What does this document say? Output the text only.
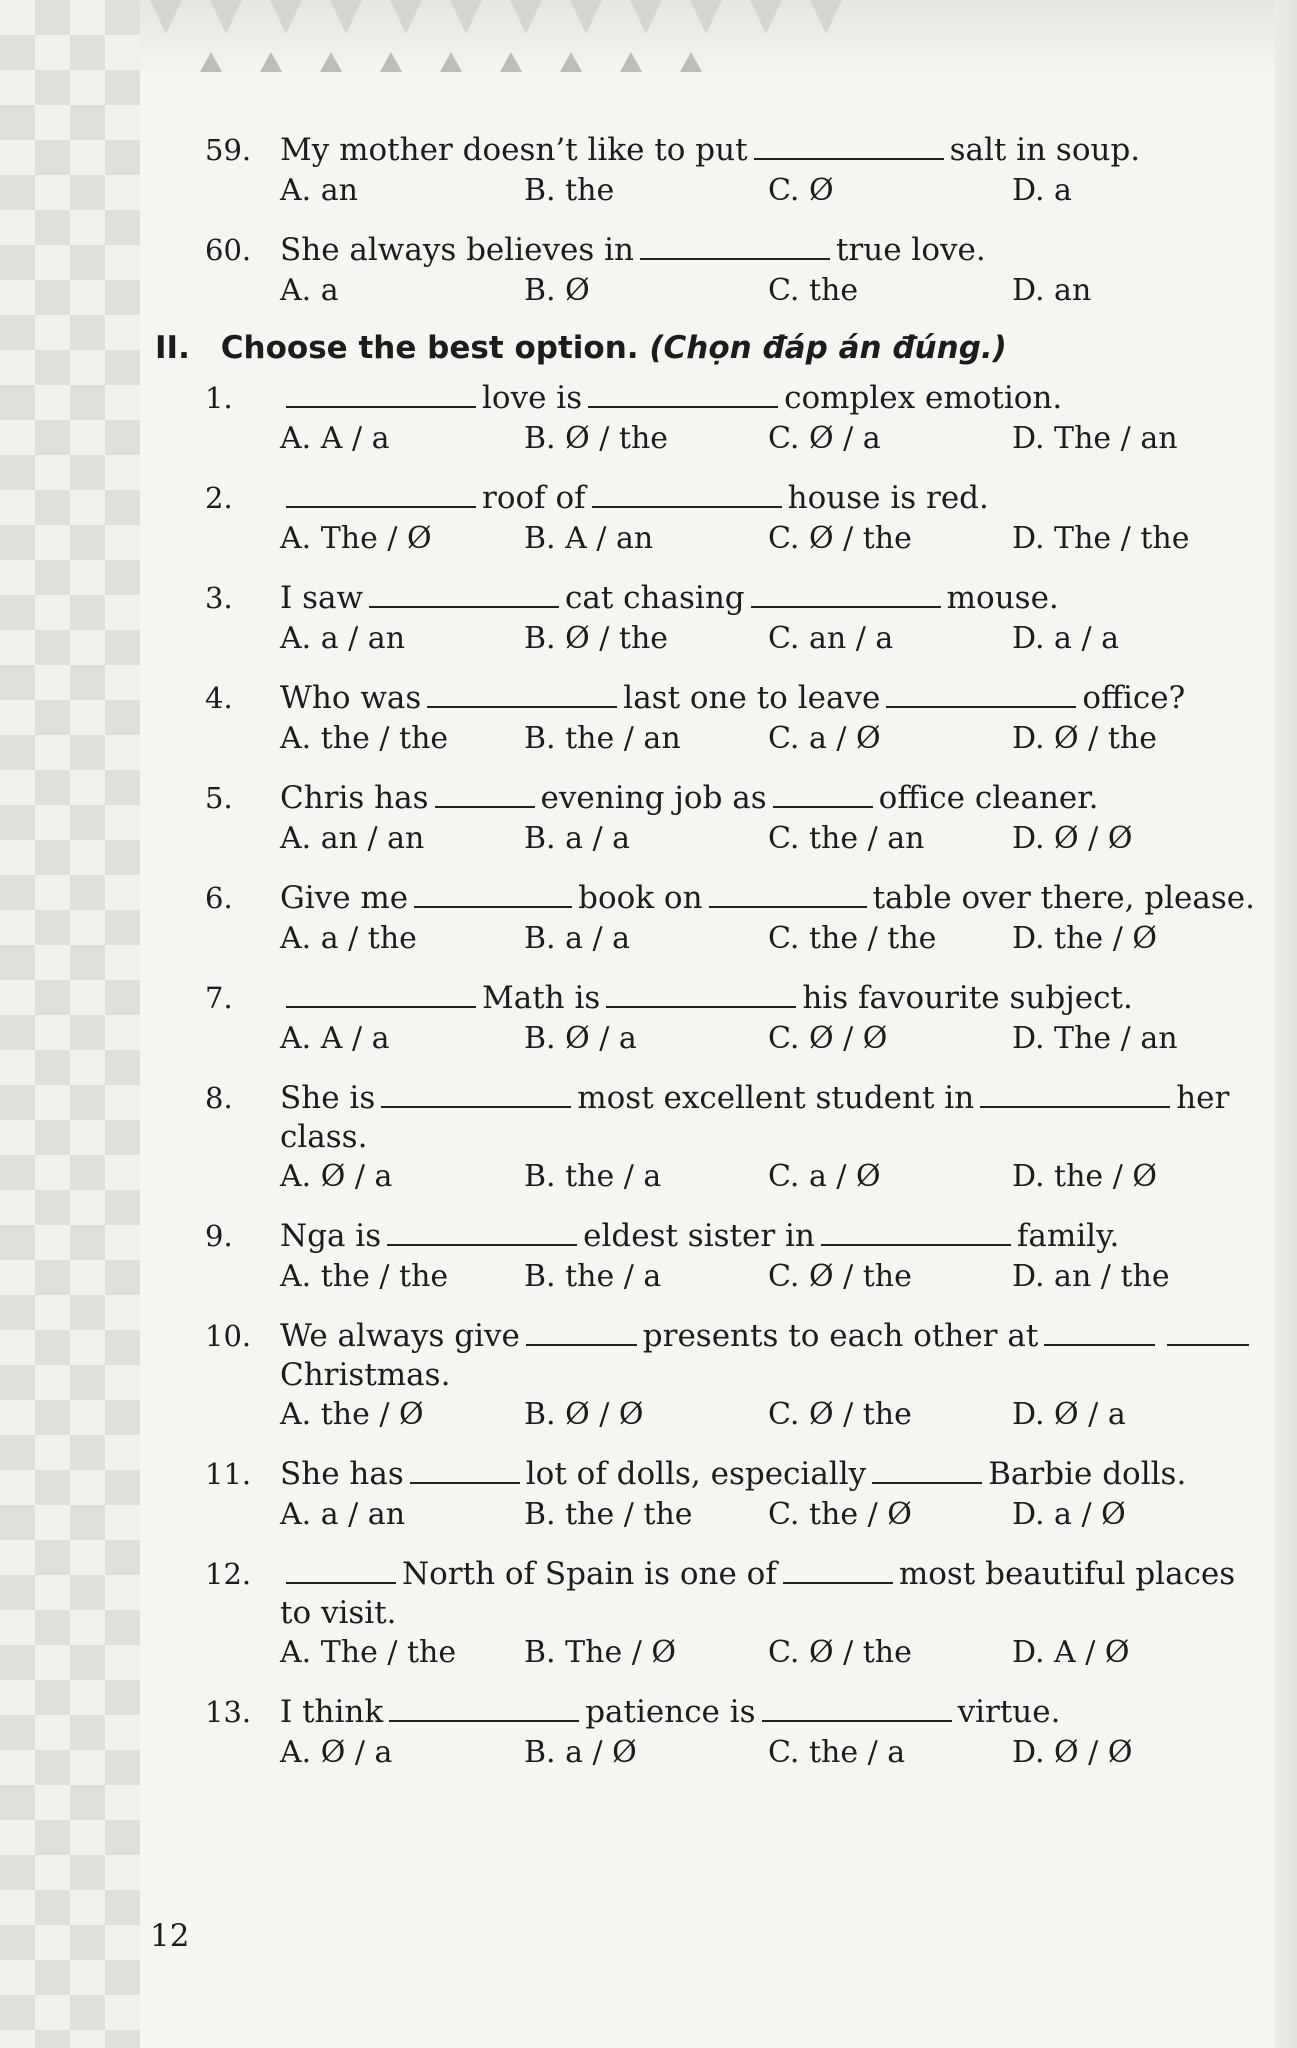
59. My mother doesn’t like to put	salt in soup.
A. an	B. the	C. Ø	D. a
60. She always believes in	true love.
A. a	B. Ø	C. the	D. an
II. Choose the best option. (Chọn đáp án đúng.)
1.	love is	complex emotion.
A. A / a	B. Ø / the	C. Ø / a	D. The / an
2.	roof of	house is red.
A. The / Ø	B. A / an	C. Ø / the	D. The / the
3.	I saw	cat chasing	mouse.
A. a / an	B. Ø / the	C. an / a	D. a / a
4.	Who was	last one to leave	office?
A. the / the	B. the / an	C. a / Ø	D. Ø / the
5.	Chris has	evening job as	office cleaner.
A. an / an	B. a / a	C. the / an	D. Ø / Ø
6.	Give me	book on	table over there, please.
A. a / the	B. a / a	C. the / the	D. the / Ø
7.	Math is	his favourite subject.
A. A / a	B. Ø / a	C. Ø / Ø	D. The / an
8.	She is	most excellent student in	her
class.
A. Ø / a	B. the / a	C. a / Ø	D. the / Ø
9.	Nga is	eldest sister in	family.
A. the / the	B. the / a	C. Ø / the	D. an / the
10. We always give	presents to each other at
Christmas.
A. the / Ø	B. Ø / Ø	C. Ø / the	D. Ø / a
11. She has	lot of dolls, especially	Barbie dolls.
A. a / an	B. the / the	C. the / Ø	D. a / Ø
12.	North of Spain is one of	most beautiful places
to visit.
A. The / the	B. The / Ø	C. Ø / the	D. A / Ø
13. I think	patience is	virtue.
A. Ø / a	B. a / Ø	C. the / a	D. Ø / Ø
12
